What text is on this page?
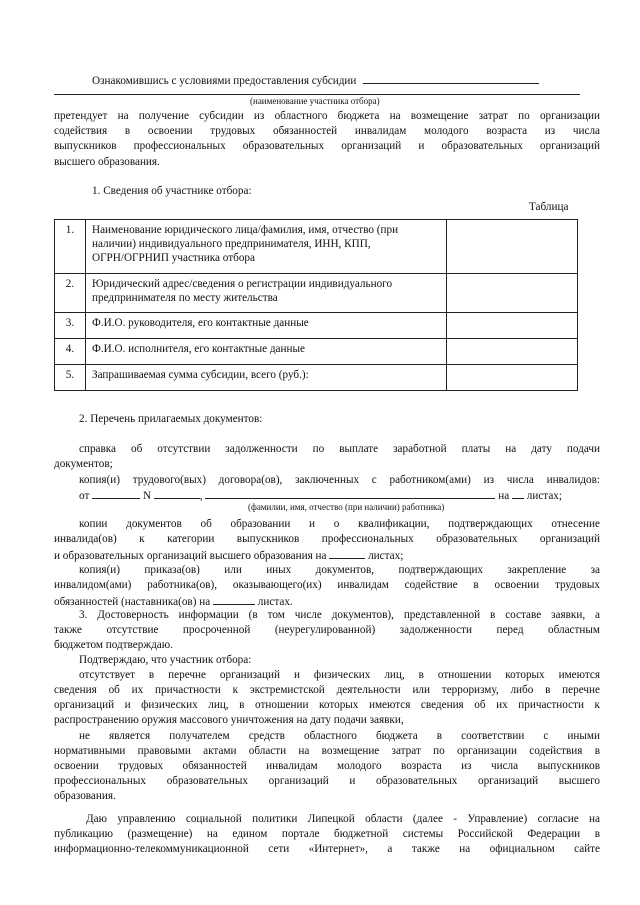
Ознакомившись с условиями предоставления субсидии
(наименование участника отбора)
претендует на получение субсидии из областного бюджета на возмещение затрат по организации
содействия в освоении трудовых обязанностей инвалидам молодого возраста из числа
выпускников профессиональных образовательных организаций и образовательных организаций
высшего образования.
1. Сведения об участнике отбора:
Таблица
1.	Наименование юридического лица/фамилия, имя, отчество (при
наличии) индивидуального предпринимателя, ИНН, КПП,
ОГРН/ОГРНИП участника отбора	

2.	Юридический адрес/сведения о регистрации индивидуального
предпринимателя по месту жительства	

3.	Ф.И.О. руководителя, его контактные данные	

4.	Ф.И.О. исполнителя, его контактные данные	

5.	Запрашиваемая сумма субсидии, всего (руб.):	

2. Перечень прилагаемых документов:
справка об отсутствии задолженности по выплате заработной платы на дату подачи
документов;
копия(и) трудового(вых) договора(ов), заключенных с работником(ами) из числа инвалидов:
от	N	,	на листах;
(фамилии, имя, отчество (при наличии) работника)
копии документов об образовании и о квалификации, подтверждающих отнесение
инвалида(ов) к категории выпускников профессиональных образовательных организаций
и образовательных организаций высшего образования на	листах;
копия(и) приказа(ов) или иных документов, подтверждающих закрепление за
инвалидом(ами) работника(ов), оказывающего(их) инвалидам содействие в освоении трудовых
обязанностей (наставника(ов) на	листах.
3. Достоверность информации (в том числе документов), представленной в составе заявки, а
также отсутствие просроченной (неурегулированной) задолженности перед областным
бюджетом подтверждаю.
Подтверждаю, что участник отбора:
отсутствует в перечне организаций и физических лиц, в отношении которых имеются
сведения об их причастности к экстремистской деятельности или терроризму, либо в перечне
организаций и физических лиц, в отношении которых имеются сведения об их причастности к
распространению оружия массового уничтожения на дату подачи заявки,
не является получателем средств областного бюджета в соответствии с иными
нормативными правовыми актами области на возмещение затрат по организации содействия в
освоении трудовых обязанностей инвалидам молодого возраста из числа выпускников
профессиональных образовательных организаций и образовательных организаций высшего
образования.
Даю управлению социальной политики Липецкой области (далее - Управление) согласие на
публикацию (размещение) на едином портале бюджетной системы Российской Федерации в
информационно-телекоммуникационной сети «Интернет», а также на официальном сайте
